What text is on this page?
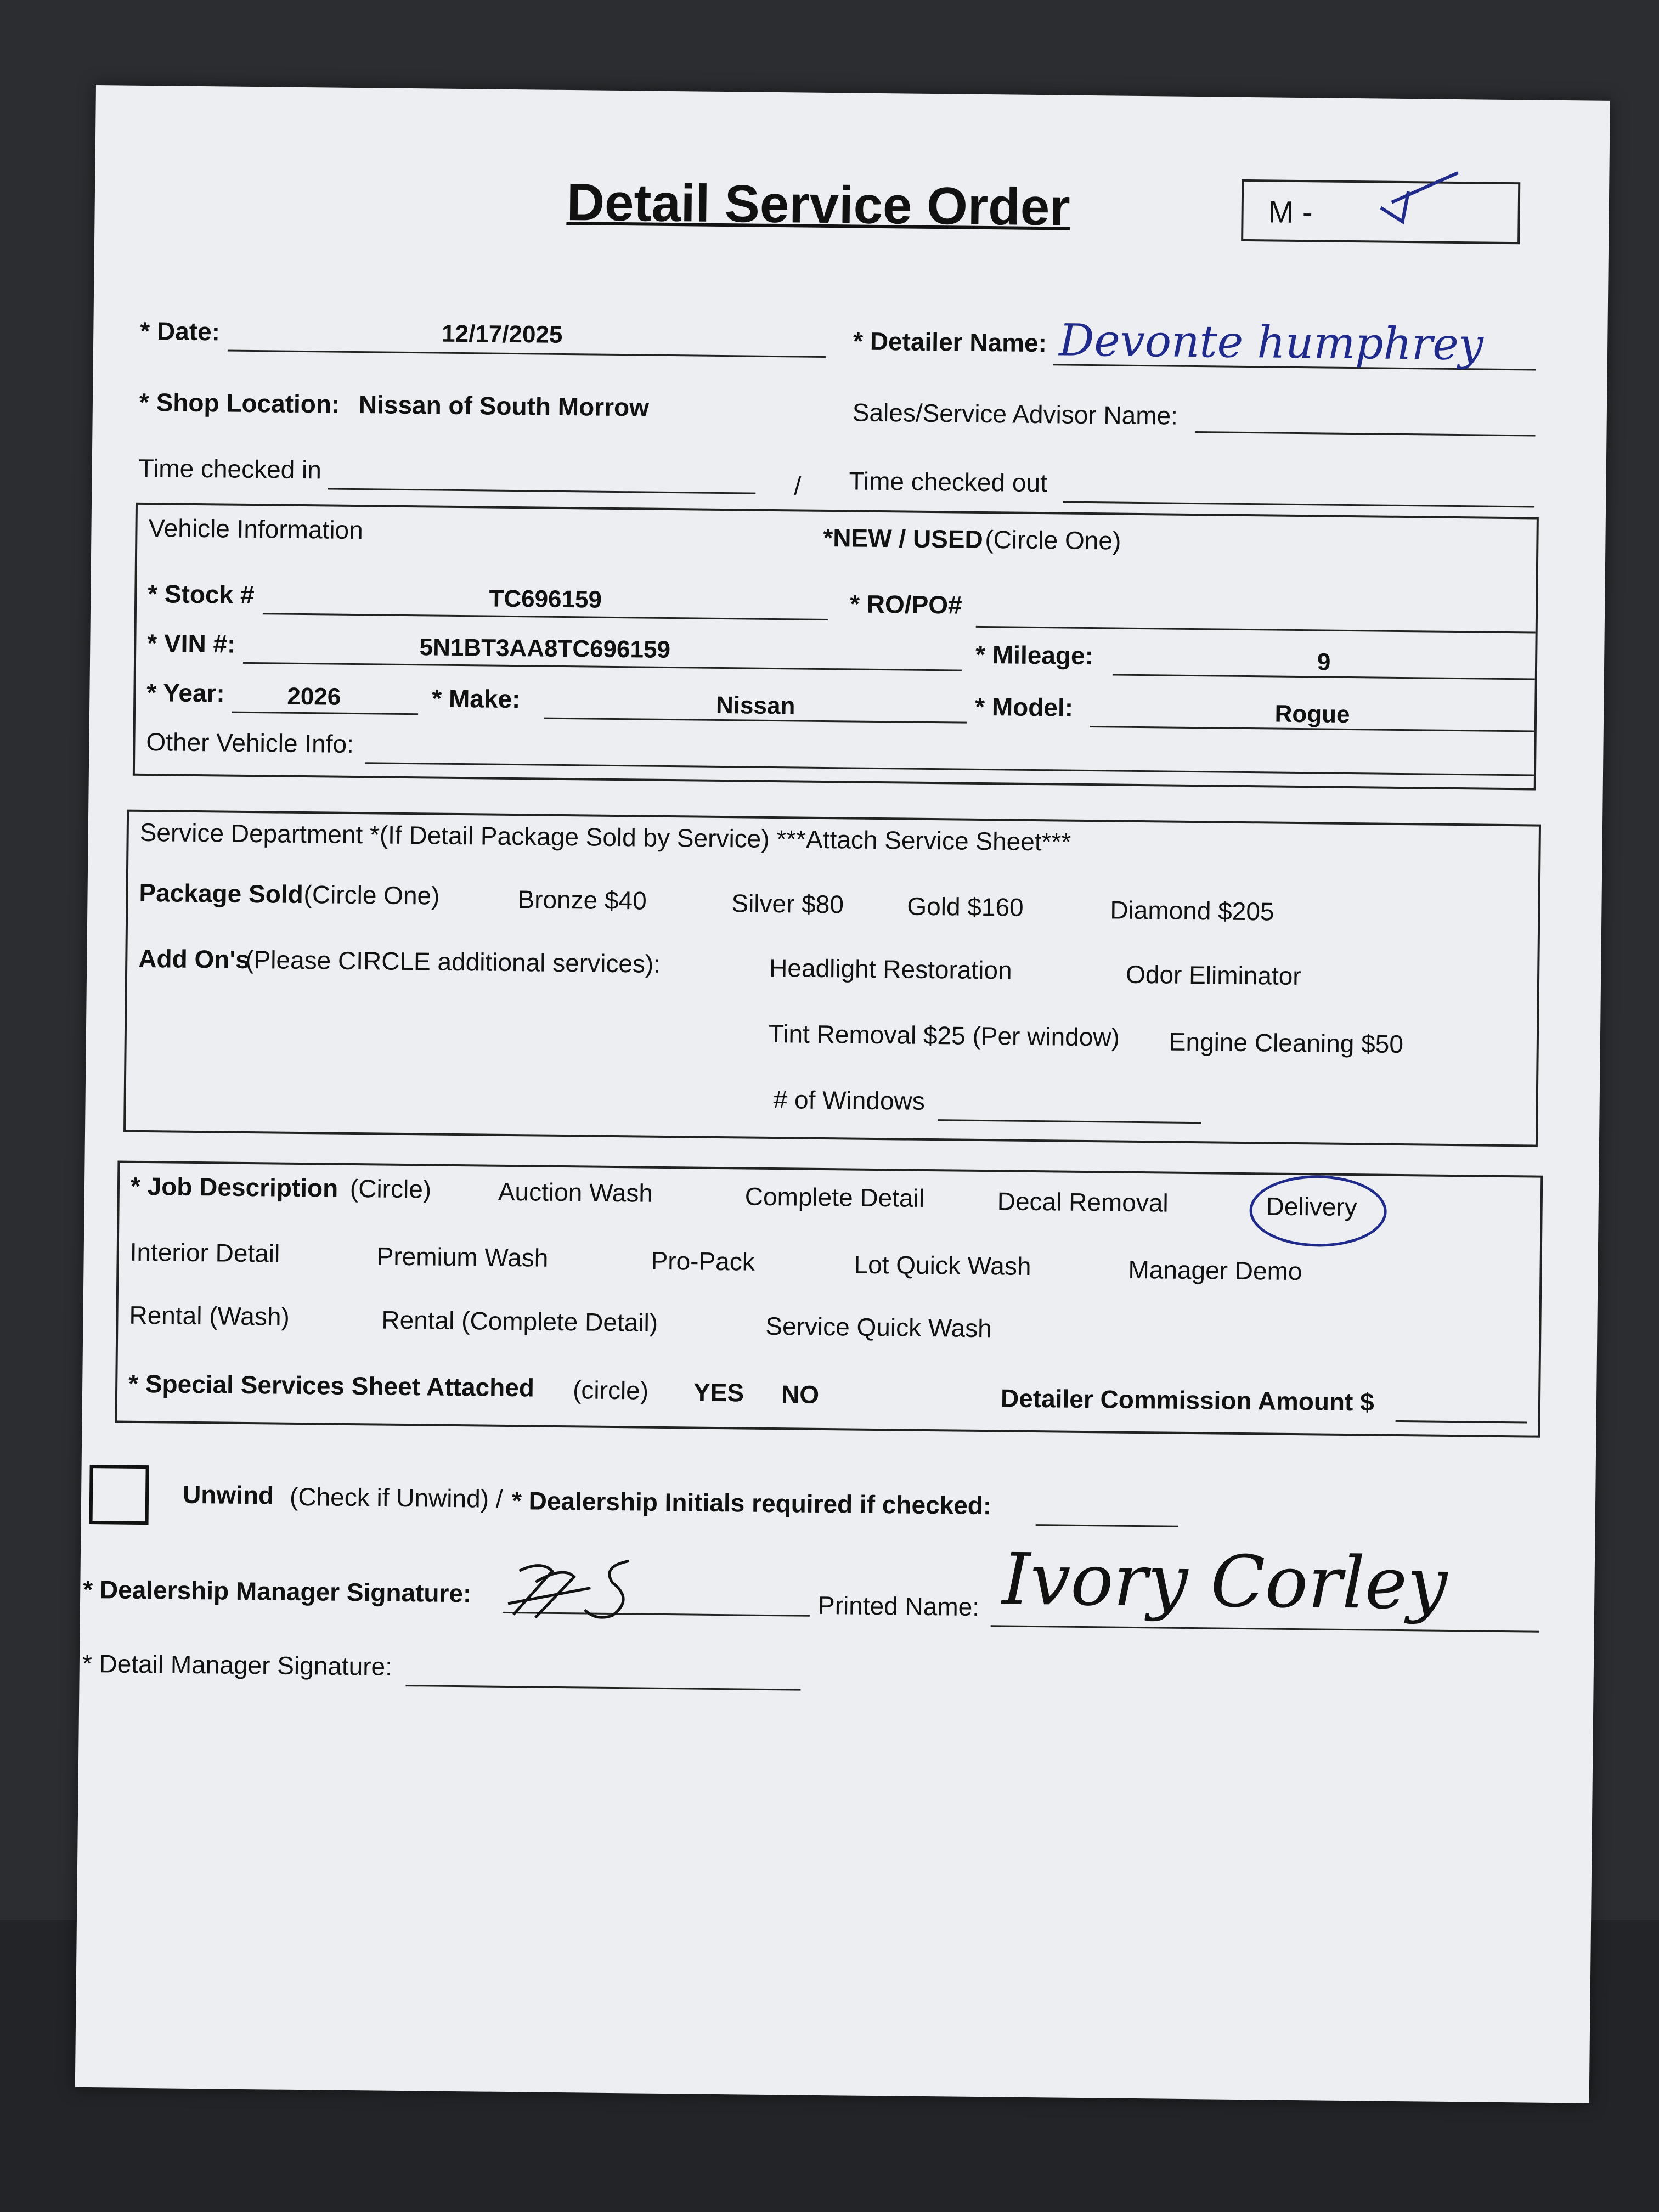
Detail Service Order	M -
* Date:	12/17/2025	* Detailer Name: Devonte humphrey
* Shop Location: Nissan of South Morrow	Sales/Service Advisor Name:
Time checked in
/ Time checked out
Vehicle Information	*NEW / USED (Circle One)
* Stock #	TC696159	* RO/PO#
* VIN #:	5N1BT3AA8TC696159	* Mileage:	9
* Year:	2026	* Make:	Nissan	* Model:	Rogue
Other Vehicle Info:
Service Department *(If Detail Package Sold by Service) ***Attach Service Sheet***
Package Sold (Circle One)	Bronze $40	Silver $80 Gold $160	Diamond $205
Add On's
(Please CIRCLE additional services):	Headlight Restoration	Odor Eliminator
Tint Removal $25 (Per window) Engine Cleaning $50
# of Windows
* Job Description (Circle)	Auction Wash	Complete Detail	Decal Removal	Delivery
Interior Detail	Premium Wash	Pro-Pack	Lot Quick Wash	Manager Demo
Rental (Wash)	Rental (Complete Detail)	Service Quick Wash
* Special Services Sheet Attached (circle) YES NO	Detailer Commission Amount $
Unwind (Check if Unwind) / * Dealership Initials required if checked:
* Dealership Manager Signature:	Printed Name: Ivory Corley
* Detail Manager Signature:
